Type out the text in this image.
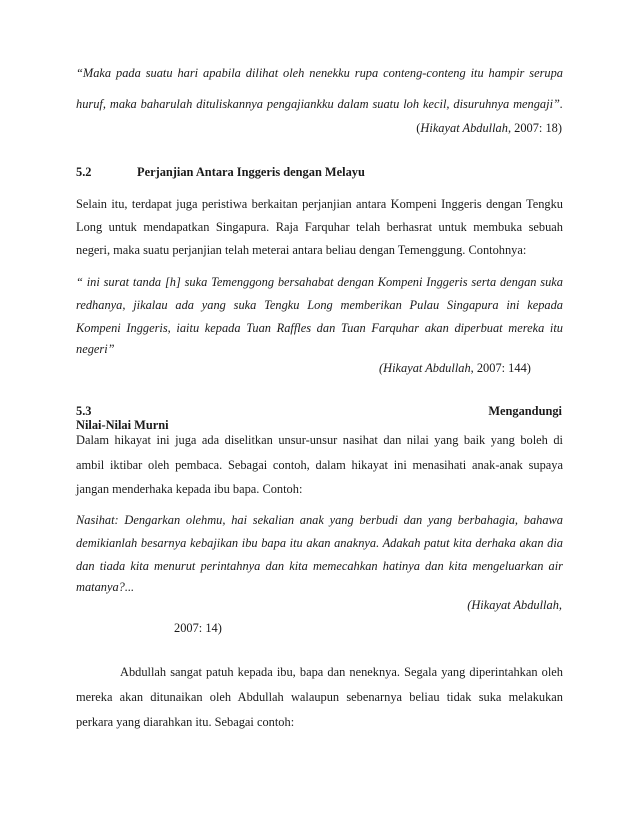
“Maka pada suatu hari apabila dilihat oleh nenekku rupa conteng-conteng itu hampir serupa
huruf, maka baharulah dituliskannya pengajiankku dalam suatu loh kecil, disuruhnya mengaji”.
(Hikayat Abdullah, 2007: 18)
5.2	Perjanjian Antara Inggeris dengan Melayu
Selain itu, terdapat juga peristiwa berkaitan perjanjian antara Kompeni Inggeris dengan Tengku
Long untuk mendapatkan Singapura. Raja Farquhar telah berhasrat untuk membuka sebuah
negeri, maka suatu perjanjian telah meterai antara beliau dengan Temenggung. Contohnya:
“ ini surat tanda [h] suka Temenggong bersahabat dengan Kompeni Inggeris serta dengan suka
redhanya, jikalau ada yang suka Tengku Long memberikan Pulau Singapura ini kepada
Kompeni Inggeris, iaitu kepada Tuan Raffles dan Tuan Farquhar akan diperbuat mereka itu
negeri”
(Hikayat Abdullah, 2007: 144)
5.3	Mengandungi
Nilai-Nilai Murni
Dalam hikayat ini juga ada diselitkan unsur-unsur nasihat dan nilai yang baik yang boleh di
ambil iktibar oleh pembaca. Sebagai contoh, dalam hikayat ini menasihati anak-anak supaya
jangan menderhaka kepada ibu bapa. Contoh:
Nasihat: Dengarkan olehmu, hai sekalian anak yang berbudi dan yang berbahagia, bahawa
demikianlah besarnya kebajikan ibu bapa itu akan anaknya. Adakah patut kita derhaka akan dia
dan tiada kita menurut perintahnya dan kita memecahkan hatinya dan kita mengeluarkan air
matanya?...
(Hikayat Abdullah,
2007: 14)
Abdullah sangat patuh kepada ibu, bapa dan neneknya. Segala yang diperintahkan oleh
mereka akan ditunaikan oleh Abdullah walaupun sebenarnya beliau tidak suka melakukan
perkara yang diarahkan itu. Sebagai contoh:
